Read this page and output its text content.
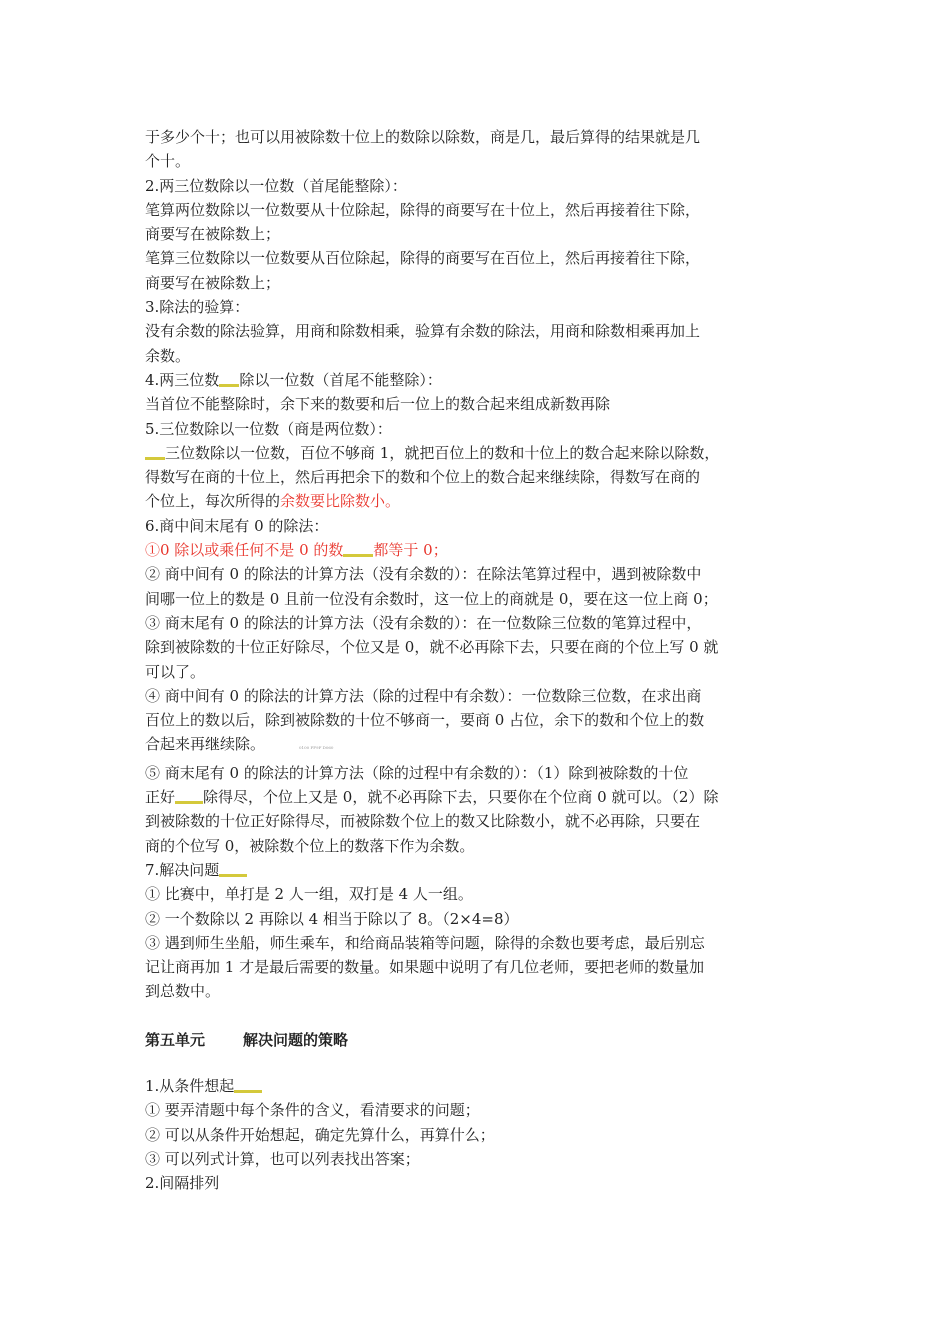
于多少个十；也可以用被除数十位上的数除以除数，商是几，最后算得的结果就是几
个十。
2.两三位数除以一位数（首尾能整除）：
笔算两位数除以一位数要从十位除起，除得的商要写在十位上，然后再接着往下除，
商要写在被除数上；
笔算三位数除以一位数要从百位除起，除得的商要写在百位上，然后再接着往下除，
商要写在被除数上；
3.除法的验算：
没有余数的除法验算，用商和除数相乘，验算有余数的除法，用商和除数相乘再加上
余数。
4.两三位数 除以一位数（首尾不能整除）：
当首位不能整除时，余下来的数要和后一位上的数合起来组成新数再除
5.三位数除以一位数（商是两位数）：
三位数除以一位数，百位不够商 1，就把百位上的数和十位上的数合起来除以除数，
得数写在商的十位上，然后再把余下的数和个位上的数合起来继续除，得数写在商的
个位上，每次所得的余数要比除数小。
6.商中间末尾有 0 的除法：
①0 除以或乘任何不是 0 的数 都等于 0；
② 商中间有 0 的除法的计算方法（没有余数的）：在除法笔算过程中，遇到被除数中
间哪一位上的数是 0 且前一位没有余数时，这一位上的商就是 0，要在这一位上商 0；
③ 商末尾有 0 的除法的计算方法（没有余数的）：在一位数除三位数的笔算过程中，
除到被除数的十位正好除尽，个位又是 0，就不必再除下去，只要在商的个位上写 0 就
可以了。
④ 商中间有 0 的除法的计算方法（除的过程中有余数）：一位数除三位数，在求出商
百位上的数以后，除到被除数的十位不够商一，要商 0 占位，余下的数和个位上的数
合起来再继续除。	0100 FF9F D060
⑤ 商末尾有 0 的除法的计算方法（除的过程中有余数的）：（1）除到被除数的十位
正好 除得尽，个位上又是 0，就不必再除下去，只要你在个位商 0 就可以。（2）除
到被除数的十位正好除得尽，而被除数个位上的数又比除数小，就不必再除，只要在
商的个位写 0，被除数个位上的数落下作为余数。
7.解决问题
① 比赛中，单打是 2 人一组，双打是 4 人一组。
② 一个数除以 2 再除以 4 相当于除以了 8。（2×4=8）
③ 遇到师生坐船，师生乘车，和给商品装箱等问题，除得的余数也要考虑，最后别忘
记让商再加 1 才是最后需要的数量。如果题中说明了有几位老师，要把老师的数量加
到总数中。
第五单元	解决问题的策略
1.从条件想起
① 要弄清题中每个条件的含义，看清要求的问题；
② 可以从条件开始想起，确定先算什么，再算什么；
③ 可以列式计算，也可以列表找出答案；
2.间隔排列
